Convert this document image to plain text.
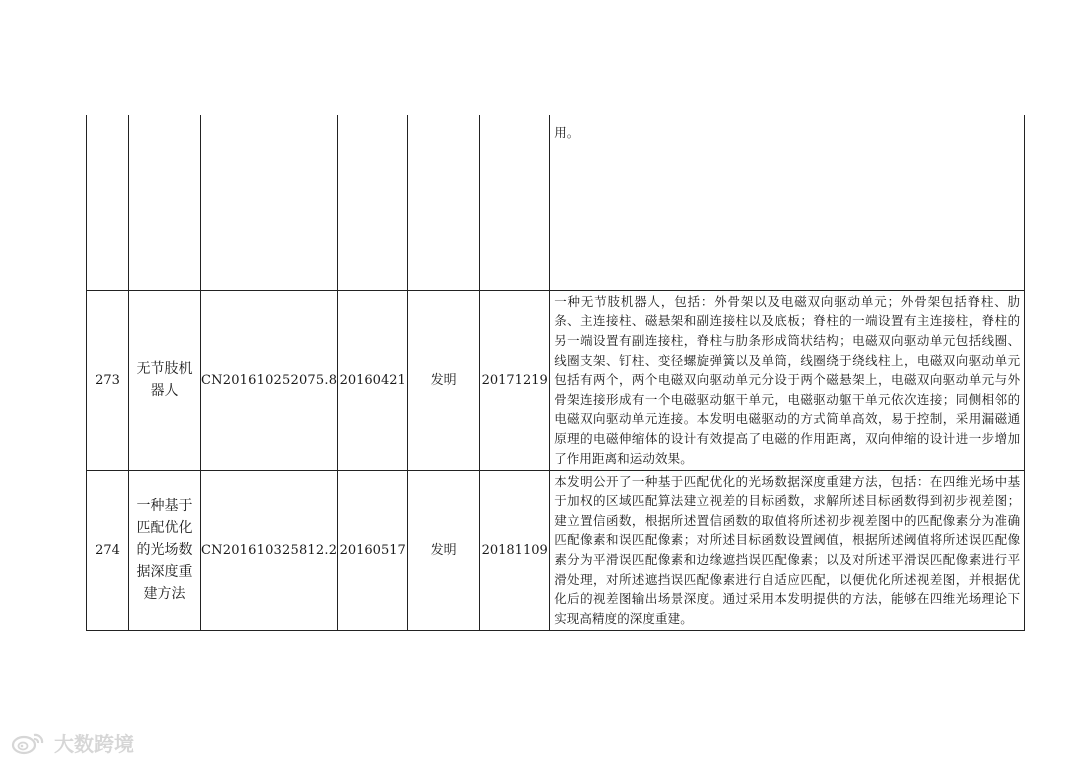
						用。
273	无节肢机器人	CN201610252075.8	20160421	发明	20171219	一种无节肢机器人，包括：外骨架以及电磁双向驱动单元；外骨架包括脊柱、肋条、主连接柱、磁悬架和副连接柱以及底板；脊柱的一端设置有主连接柱，脊柱的另一端设置有副连接柱，脊柱与肋条形成筒状结构；电磁双向驱动单元包括线圈、线圈支架、钉柱、变径螺旋弹簧以及单筒，线圈绕于绕线柱上，电磁双向驱动单元包括有两个，两个电磁双向驱动单元分设于两个磁悬架上，电磁双向驱动单元与外骨架连接形成有一个电磁驱动躯干单元，电磁驱动躯干单元依次连接；同侧相邻的电磁双向驱动单元连接。本发明电磁驱动的方式简单高效，易于控制，采用漏磁通原理的电磁伸缩体的设计有效提高了电磁的作用距离，双向伸缩的设计进一步增加了作用距离和运动效果。
274	一种基于匹配优化的光场数据深度重建方法	CN201610325812.2	20160517	发明	20181109	本发明公开了一种基于匹配优化的光场数据深度重建方法，包括：在四维光场中基于加权的区域匹配算法建立视差的目标函数，求解所述目标函数得到初步视差图；建立置信函数，根据所述置信函数的取值将所述初步视差图中的匹配像素分为准确匹配像素和误匹配像素；对所述目标函数设置阈值，根据所述阈值将所述误匹配像素分为平滑误匹配像素和边缘遮挡误匹配像素；以及对所述平滑误匹配像素进行平滑处理，对所述遮挡误匹配像素进行自适应匹配，以便优化所述视差图，并根据优化后的视差图输出场景深度。通过采用本发明提供的方法，能够在四维光场理论下实现高精度的深度重建。
大数跨境
